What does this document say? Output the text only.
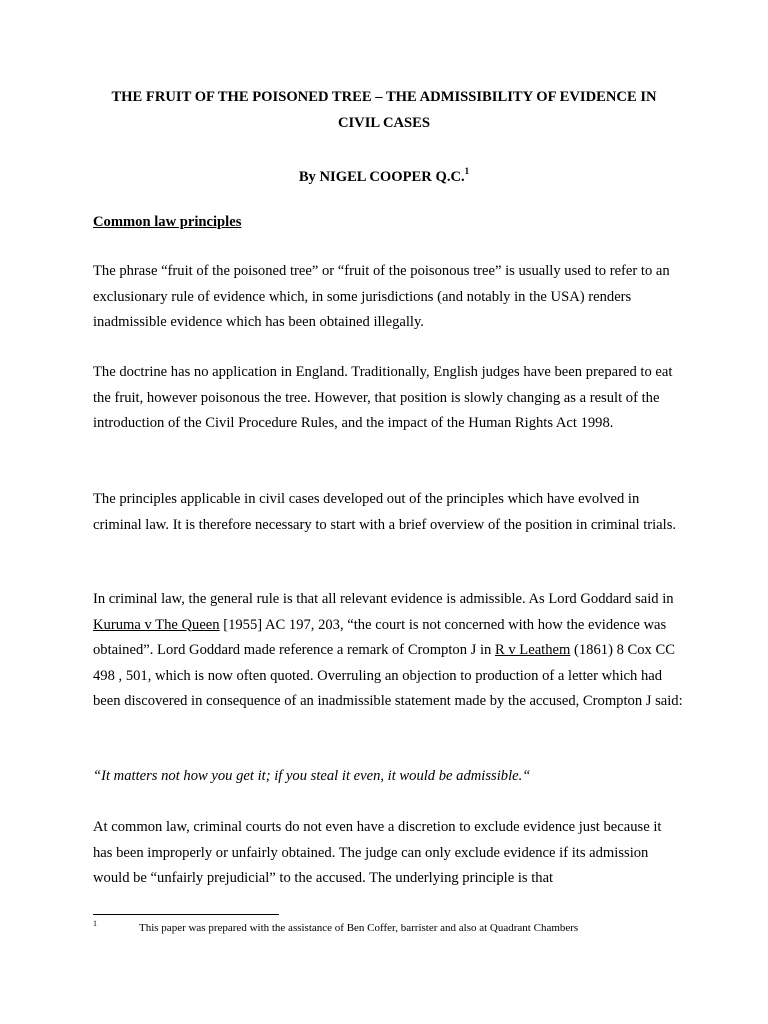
THE FRUIT OF THE POISONED TREE – THE ADMISSIBILITY OF EVIDENCE IN
CIVIL CASES
By NIGEL COOPER Q.C.$^1$
Common law principles

The phrase “fruit of the poisoned tree” or “fruit of the poisonous tree” is usually used to refer to an exclusionary rule of evidence which, in some jurisdictions (and notably in the USA) renders inadmissible evidence which has been obtained illegally.

The doctrine has no application in England. Traditionally, English judges have been prepared to eat the fruit, however poisonous the tree. However, that position is slowly changing as a result of the introduction of the Civil Procedure Rules, and the impact of the Human Rights Act 1998.

The principles applicable in civil cases developed out of the principles which have evolved in criminal law. It is therefore necessary to start with a brief overview of the position in criminal trials.

In criminal law, the general rule is that all relevant evidence is admissible. As Lord Goddard said in Kuruma v The Queen [1955] AC 197, 203, “the court is not concerned with how the evidence was obtained”. Lord Goddard made reference a remark of Crompton J in R v Leathem (1861) 8 Cox CC 498 , 501, which is now often quoted. Overruling an objection to production of a letter which had been discovered in consequence of an inadmissible statement made by the accused, Crompton J said:

“It matters not how you get it; if you steal it even, it would be admissible.“

At common law, criminal courts do not even have a discretion to exclude evidence just because it has been improperly or unfairly obtained. The judge can only exclude evidence if its admission would be “unfairly prejudicial” to the accused. The underlying principle is that

1	This paper was prepared with the assistance of Ben Coffer, barrister and also at Quadrant Chambers
